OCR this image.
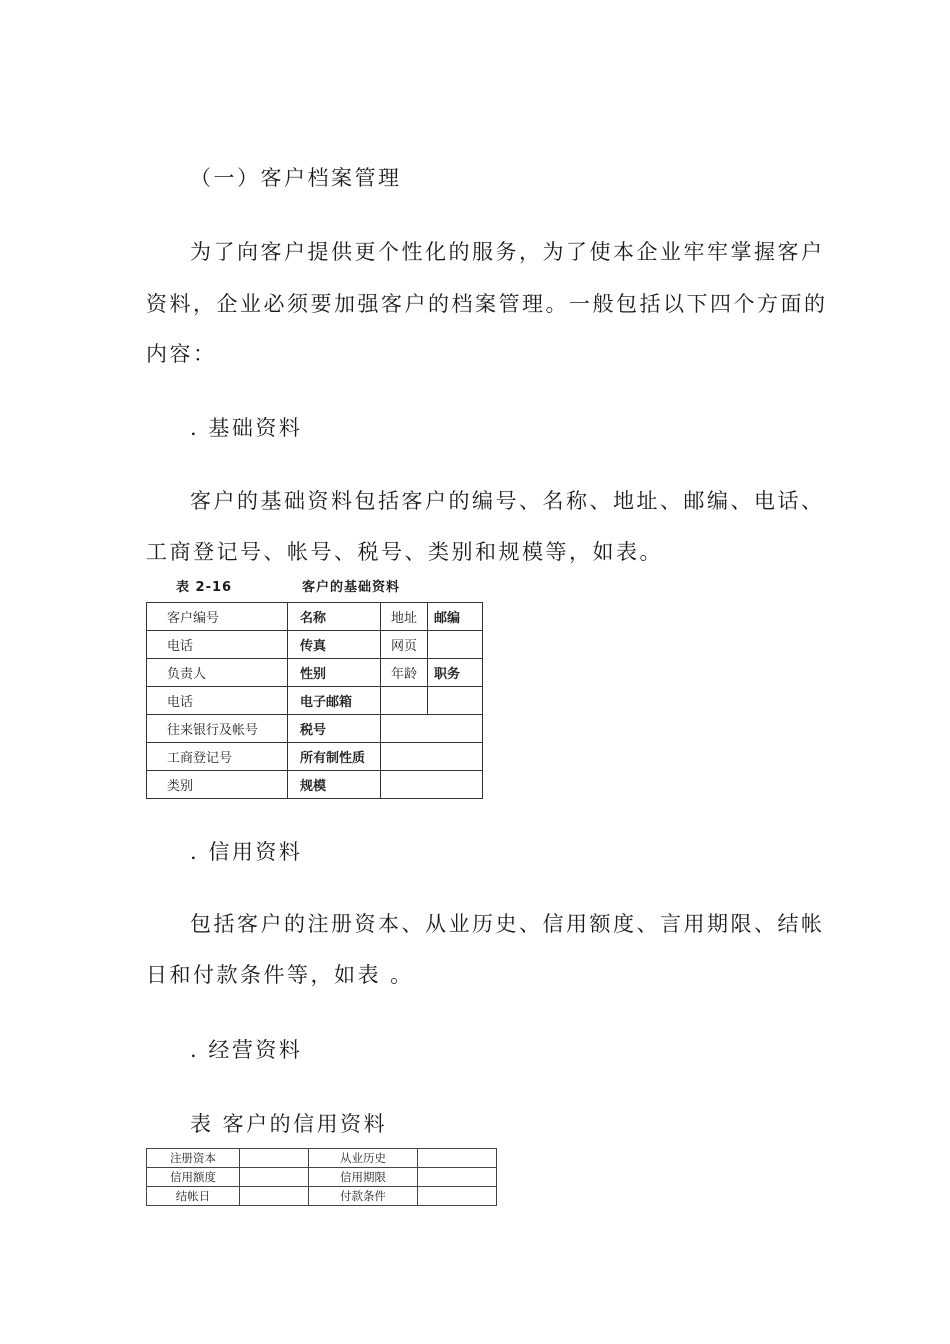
（一）客户档案管理
为了向客户提供更个性化的服务，为了使本企业牢牢掌握客户
资料，企业必须要加强客户的档案管理。一般包括以下四个方面的
内容：
. 基础资料
客户的基础资料包括客户的编号、名称、地址、邮编、电话、
工商登记号、帐号、税号、类别和规模等，如表。
表 2-16	客户的基础资料
客户编号	名称	地址	邮编
电话	传真	网页	
负责人	性别	年龄	职务
电话	电子邮箱		
往来银行及帐号	税号		
工商登记号	所有制性质		
类别	规模		
. 信用资料
包括客户的注册资本、从业历史、信用额度、言用期限、结帐
日和付款条件等，如表 。
. 经营资料
表 客户的信用资料
注册资本		从业历史	
信用额度		信用期限	
结帐日		付款条件	
